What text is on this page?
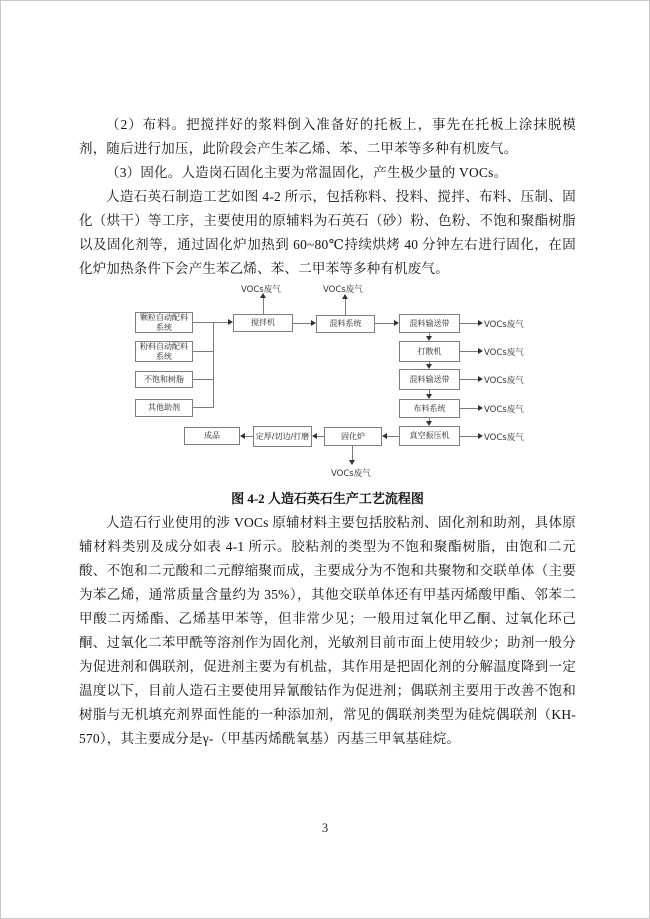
（2）布料。把搅拌好的浆料倒入准备好的托板上，事先在托板上涂抹脱模剂，随后进行加压，此阶段会产生苯乙烯、苯、二甲苯等多种有机废气。

（3）固化。人造岗石固化主要为常温固化，产生极少量的 VOCs。

人造石英石制造工艺如图 4-2 所示，包括称料、投料、搅拌、布料、压制、固化（烘干）等工序，主要使用的原辅料为石英石（砂）粉、色粉、不饱和聚酯树脂以及固化剂等，通过固化炉加热到 60~80℃持续烘烤 40 分钟左右进行固化，在固化炉加热条件下会产生苯乙烯、苯、二甲苯等多种有机废气。

VOCs废气	VOCs废气
颗粒自动配料系统
粉料自动配料系统
不饱和树脂
其他助剂
搅拌机	混料系统	混料输送带
打散机
混料输送带
布料系统
真空振压机
固化炉
定厚/切边/打磨
成品
VOCs废气
VOCs废气
VOCs废气
VOCs废气
VOCs废气
VOCs废气

图 4-2 人造石英石生产工艺流程图

人造石行业使用的涉 VOCs 原辅材料主要包括胶粘剂、固化剂和助剂，具体原辅材料类别及成分如表 4-1 所示。胶粘剂的类型为不饱和聚酯树脂，由饱和二元酸、不饱和二元酸和二元醇缩聚而成，主要成分为不饱和共聚物和交联单体（主要为苯乙烯，通常质量含量约为 35%），其他交联单体还有甲基丙烯酸甲酯、邻苯二甲酸二丙烯酯、乙烯基甲苯等，但非常少见；一般用过氧化甲乙酮、过氧化环己酮、过氧化二苯甲酰等溶剂作为固化剂，光敏剂目前市面上使用较少；助剂一般分为促进剂和偶联剂，促进剂主要为有机盐，其作用是把固化剂的分解温度降到一定温度以下，目前人造石主要使用异氰酸钴作为促进剂；偶联剂主要用于改善不饱和树脂与无机填充剂界面性能的一种添加剂，常见的偶联剂类型为硅烷偶联剂（KH-570），其主要成分是γ-（甲基丙烯酰氧基）丙基三甲氧基硅烷。

3
